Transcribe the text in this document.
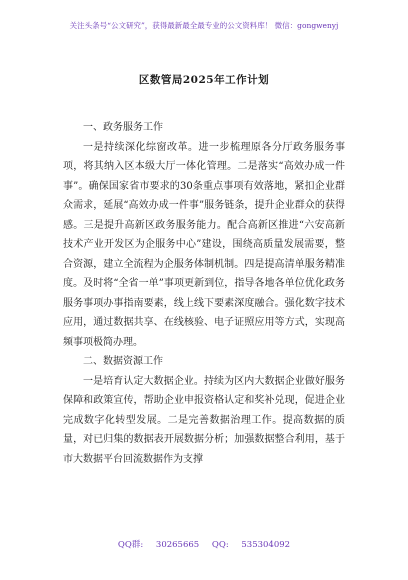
关注头条号“公文研究”，获得最新最全最专业的公文资料库！ 微信：gongwenyj
区数管局2025年工作计划

一、政务服务工作

一是持续深化综窗改革。进一步梳理原各分厅政务服务事项，将其纳入区本级大厅一体化管理。二是落实“高效办成一件事”。确保国家省市要求的30条重点事项有效落地，紧扣企业群众需求，延展“高效办成一件事”服务链条，提升企业群众的获得感。三是提升高新区政务服务能力。配合高新区推进“六安高新技术产业开发区为企服务中心”建设，围绕高质量发展需要，整合资源，建立全流程为企服务体制机制。四是提高清单服务精准度。及时将“全省一单”事项更新到位，指导各地各单位优化政务服务事项办事指南要素，线上线下要素深度融合。强化数字技术应用，通过数据共享、在线核验、电子证照应用等方式，实现高频事项极简办理。

二、数据资源工作

一是培育认定大数据企业。持续为区内大数据企业做好服务保障和政策宣传，帮助企业申报资格认定和奖补兑现，促进企业完成数字化转型发展。二是完善数据治理工作。提高数据的质量，对已归集的数据表开展数据分析；加强数据整合利用，基于市大数据平台回流数据作为支撑

QQ群: 30265665 QQ: 535304092
